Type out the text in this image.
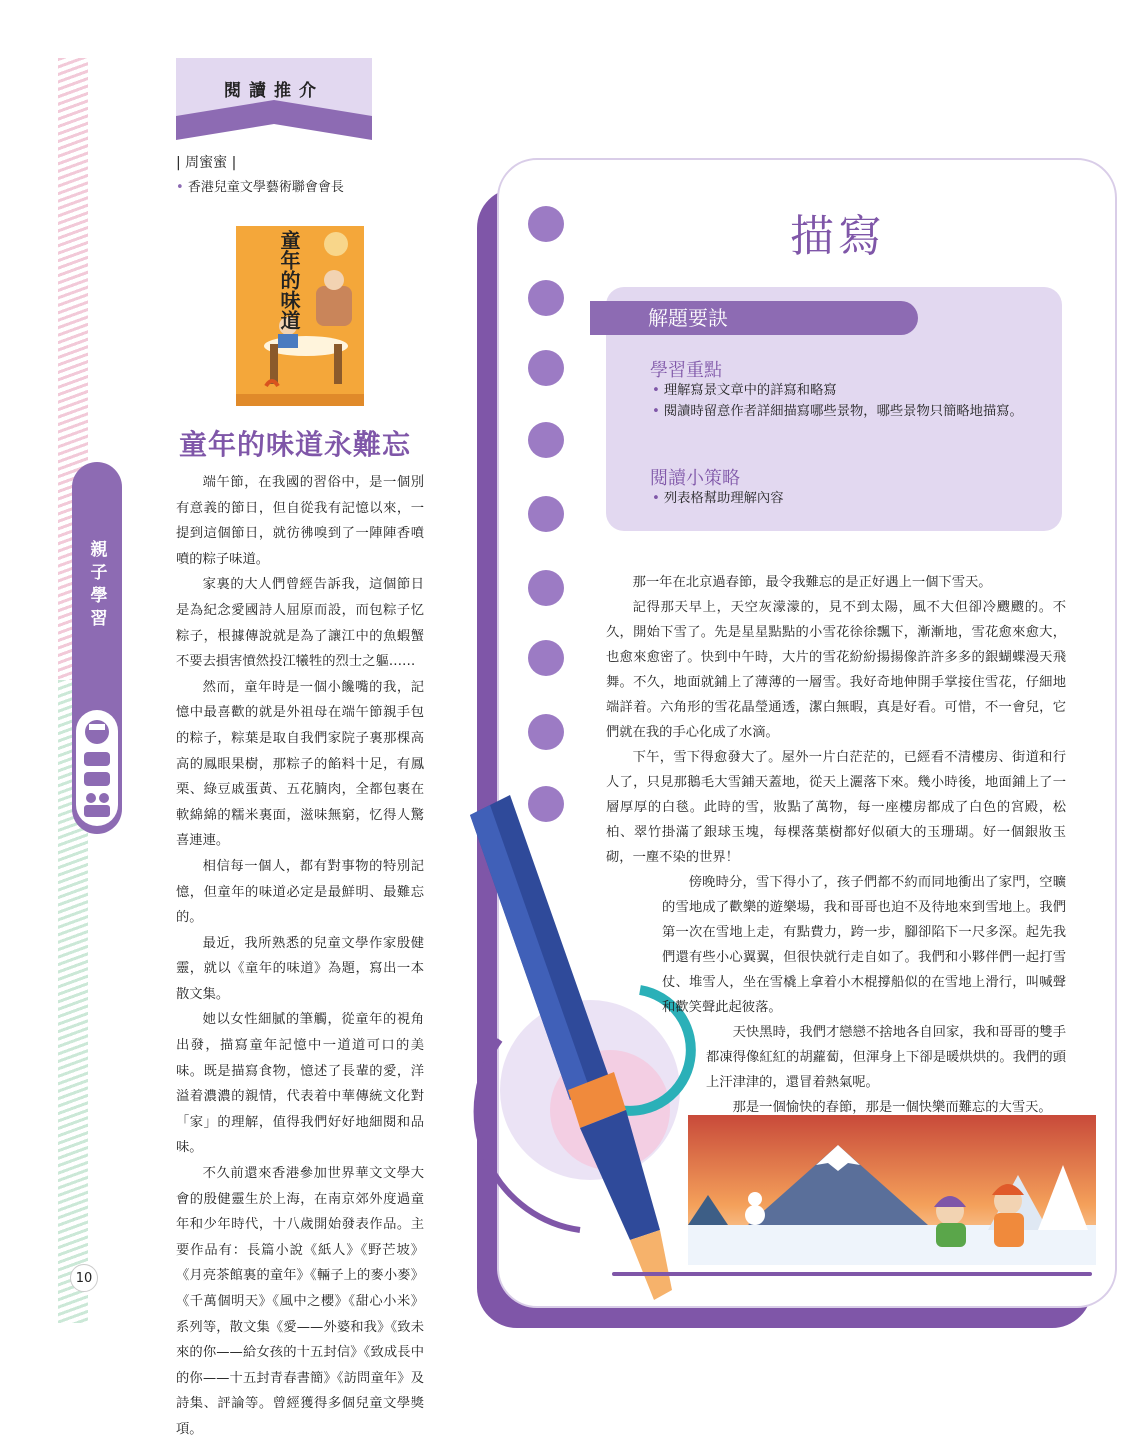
親子學習
10
閱讀推介
| 周蜜蜜 |
• 香港兒童文學藝術聯會會長
童年的味道
童年的味道永難忘

端午節，在我國的習俗中，是一個別有意義的節日，但自從我有記憶以來，一提到這個節日，就彷彿嗅到了一陣陣香噴噴的粽子味道。

家裏的大人們曾經告訴我，這個節日是為紀念愛國詩人屈原而設，而包粽子忆粽子，根據傳說就是為了讓江中的魚蝦蟹不要去損害憤然投江犧牲的烈士之軀……

然而，童年時是一個小饞嘴的我，記憶中最喜歡的就是外祖母在端午節親手包的粽子，粽葉是取自我們家院子裏那棵高高的鳳眼果樹，那粽子的餡料十足，有鳳栗、綠豆戚蛋黃、五花腩肉，全都包裹在軟綿綿的糯米裏面，滋味無窮，忆得人驚喜連連。

相信每一個人，都有對事物的特別記憶，但童年的味道必定是最鮮明、最難忘的。

最近，我所熟悉的兒童文學作家殷健靈，就以《童年的味道》為題，寫出一本散文集。

她以女性細膩的筆觸，從童年的視角出發，描寫童年記憶中一道道可口的美味。既是描寫食物，憶述了長輩的愛，洋溢着濃濃的親情，代表着中華傳統文化對「家」的理解，值得我們好好地細閱和品味。

不久前還來香港參加世界華文文學大會的殷健靈生於上海，在南京郊外度過童年和少年時代，十八歲開始發表作品。主要作品有：長篇小說《紙人》《野芒坡》《月亮茶館裏的童年》《輛子上的麥小麥》《千萬個明天》《風中之櫻》《甜心小米》系列等，散文集《愛——外婆和我》《致未來的你——給女孩的十五封信》《致成長中的你——十五封青春書簡》《訪問童年》及詩集、評論等。曾經獲得多個兒童文學獎項。

描寫
解題要訣
學習重點
• 理解寫景文章中的詳寫和略寫
• 閱讀時留意作者詳細描寫哪些景物，哪些景物只簡略地描寫。
閱讀小策略
• 列表格幫助理解內容

那一年在北京過春節，最令我難忘的是正好遇上一個下雪天。

記得那天早上，天空灰濛濛的，見不到太陽，風不大但卻冷颼颼的。不久，開始下雪了。先是星星點點的小雪花徐徐飄下，漸漸地，雪花愈來愈大，也愈來愈密了。快到中午時，大片的雪花紛紛揚揚像許許多多的銀蝴蝶漫天飛舞。不久，地面就鋪上了薄薄的一層雪。我好奇地伸開手掌接住雪花，仔細地端詳着。六角形的雪花晶瑩通透，潔白無暇，真是好看。可惜，不一會兒，它們就在我的手心化成了水滴。

下午，雪下得愈發大了。屋外一片白茫茫的，已經看不清樓房、街道和行人了，只見那鵝毛大雪鋪天蓋地，從天上灑落下來。幾小時後，地面鋪上了一層厚厚的白毯。此時的雪，妝點了萬物，每一座樓房都成了白色的宮殿，松柏、翠竹掛滿了銀球玉塊，每棵落葉樹都好似碩大的玉珊瑚。好一個銀妝玉砌，一塵不染的世界！

傍晚時分，雪下得小了，孩子們都不約而同地衝出了家門，空曠的雪地成了歡樂的遊樂場，我和哥哥也迫不及待地來到雪地上。我們第一次在雪地上走，有點費力，跨一步，腳卻陷下一尺多深。起先我們還有些小心翼翼，但很快就行走自如了。我們和小夥伴們一起打雪仗、堆雪人，坐在雪橇上拿着小木棍撐船似的在雪地上滑行，叫喊聲和歡笑聲此起彼落。

天快黑時，我們才戀戀不捨地各自回家，我和哥哥的雙手都凍得像紅紅的胡蘿蔔，但渾身上下卻是暖烘烘的。我們的頭上汗津津的，還冒着熱氣呢。

那是一個愉快的春節，那是一個快樂而難忘的大雪天。
